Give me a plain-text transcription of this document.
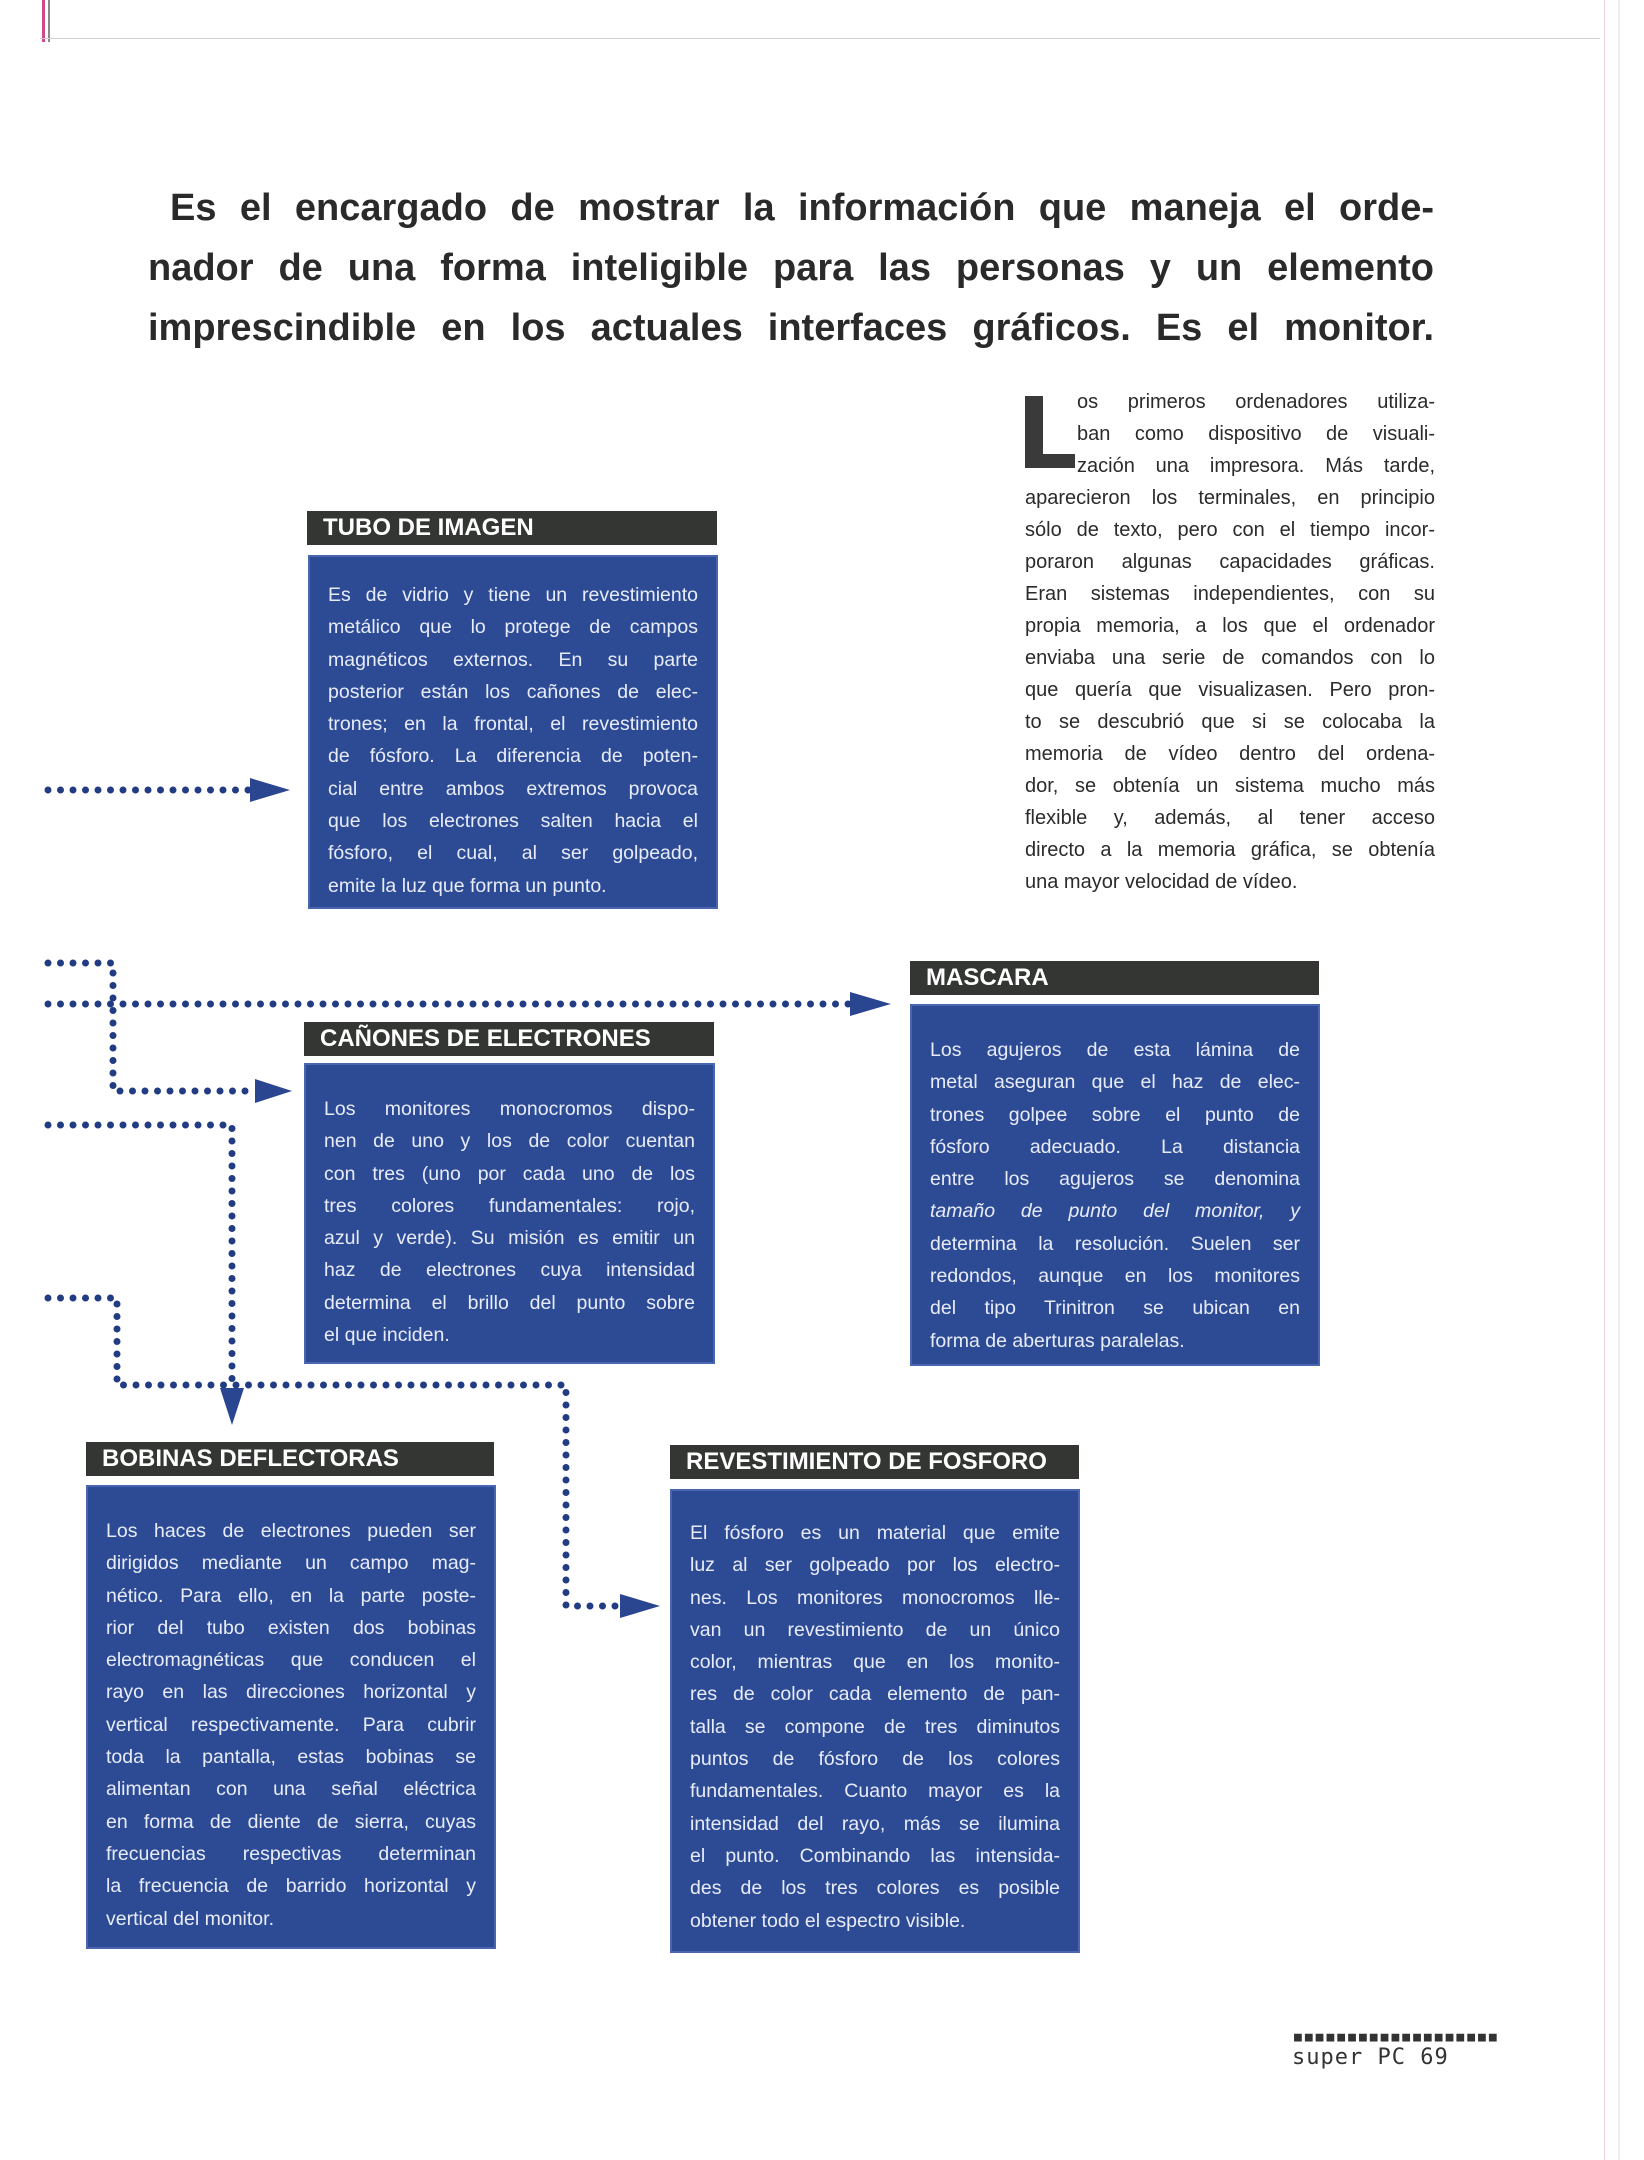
Es el encargado de mostrar la información que maneja el orde-
nador de una forma inteligible para las personas y un elemento
imprescindible en los actuales interfaces gráficos. Es el monitor.
os primeros ordenadores utiliza-
ban como dispositivo de visuali-
zación una impresora. Más tarde,
aparecieron los terminales, en principio
sólo de texto, pero con el tiempo incor-
poraron algunas capacidades gráficas.
Eran sistemas independientes, con su
propia memoria, a los que el ordenador
enviaba una serie de comandos con lo
que quería que visualizasen. Pero pron-
to se descubrió que si se colocaba la
memoria de vídeo dentro del ordena-
dor, se obtenía un sistema mucho más
flexible y, además, al tener acceso
directo a la memoria gráfica, se obtenía
una mayor velocidad de vídeo.
TUBO DE IMAGEN
Es de vidrio y tiene un revestimiento
metálico que lo protege de campos
magnéticos externos. En su parte
posterior están los cañones de elec-
trones; en la frontal, el revestimiento
de fósforo. La diferencia de poten-
cial entre ambos extremos provoca
que los electrones salten hacia el
fósforo, el cual, al ser golpeado,
emite la luz que forma un punto.
CAÑONES DE ELECTRONES
Los monitores monocromos dispo-
nen de uno y los de color cuentan
con tres (uno por cada uno de los
tres colores fundamentales: rojo,
azul y verde). Su misión es emitir un
haz de electrones cuya intensidad
determina el brillo del punto sobre
el que inciden.
MASCARA
Los agujeros de esta lámina de
metal aseguran que el haz de elec-
trones golpee sobre el punto de
fósforo adecuado. La distancia
entre los agujeros se denomina
tamaño de punto del monitor, y
determina la resolución. Suelen ser
redondos, aunque en los monitores
del tipo Trinitron se ubican en
forma de aberturas paralelas.
BOBINAS DEFLECTORAS
Los haces de electrones pueden ser
dirigidos mediante un campo mag-
nético. Para ello, en la parte poste-
rior del tubo existen dos bobinas
electromagnéticas que conducen el
rayo en las direcciones horizontal y
vertical respectivamente. Para cubrir
toda la pantalla, estas bobinas se
alimentan con una señal eléctrica
en forma de diente de sierra, cuyas
frecuencias respectivas determinan
la frecuencia de barrido horizontal y
vertical del monitor.
REVESTIMIENTO DE FOSFORO
El fósforo es un material que emite
luz al ser golpeado por los electro-
nes. Los monitores monocromos lle-
van un revestimiento de un único
color, mientras que en los monito-
res de color cada elemento de pan-
talla se compone de tres diminutos
puntos de fósforo de los colores
fundamentales. Cuanto mayor es la
intensidad del rayo, más se ilumina
el punto. Combinando las intensida-
des de los tres colores es posible
obtener todo el espectro visible.
■■■■■■■■■■■■■■■■■■■
super PC 69
